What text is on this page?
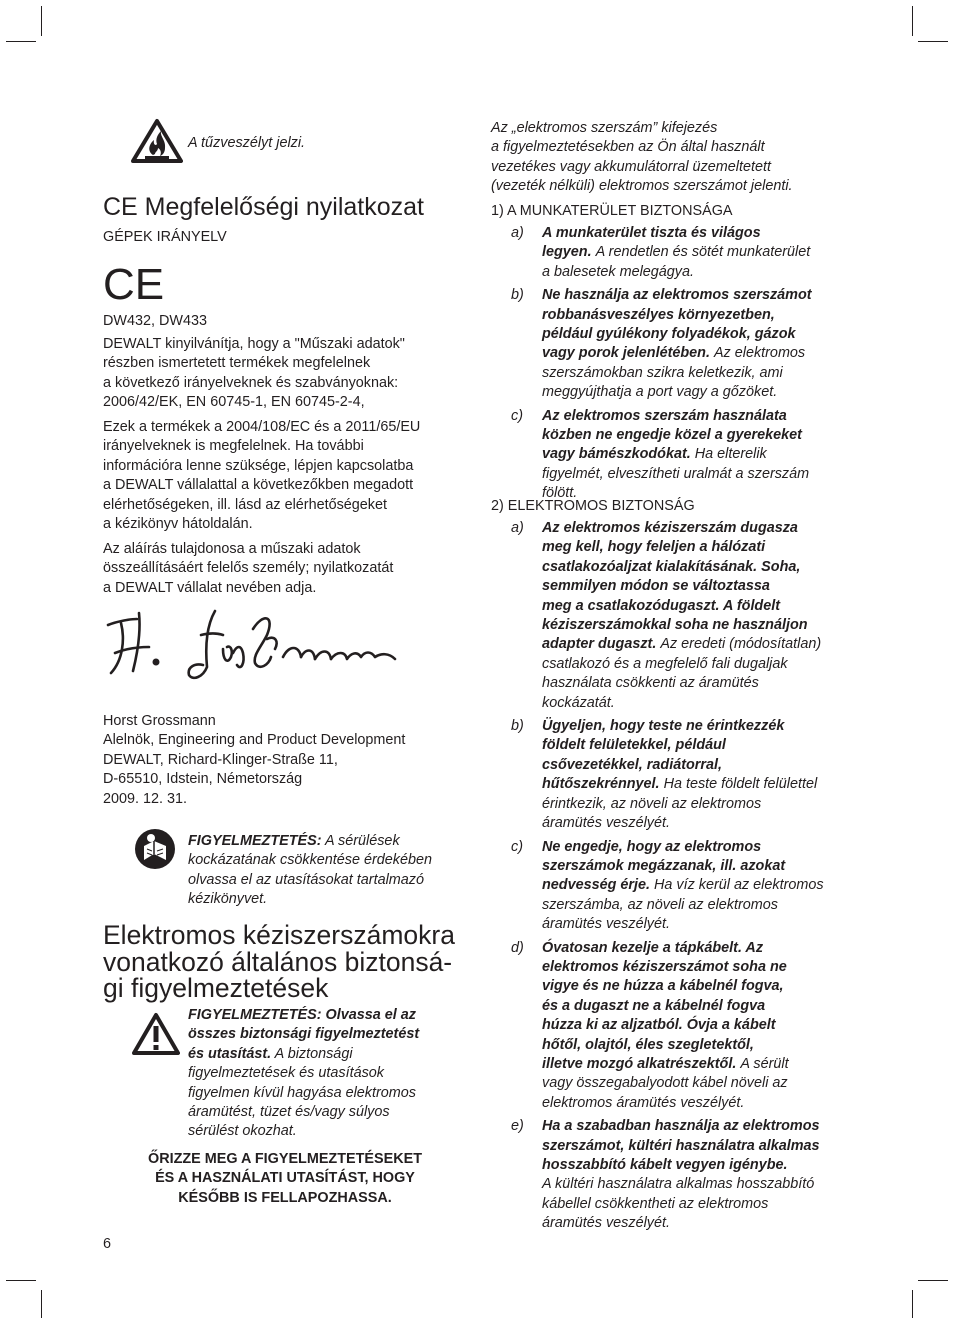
A tűzveszélyt jelzi.
CE Megfelelőségi nyilatkozat
GÉPEK IRÁNYELV
CE
DW432, DW433
DEWALT kinyilvánítja, hogy a "Műszaki adatok"
részben ismertetett termékek megfelelnek
a következő irányelveknek és szabványoknak:
2006/42/EK, EN 60745-1, EN 60745-2-4,
Ezek a termékek a 2004/108/EC és a 2011/65/EU
irányelveknek is megfelelnek. Ha további
információra lenne szüksége, lépjen kapcsolatba
a DEWALT vállalattal a következőkben megadott
elérhetőségeken, ill. lásd az elérhetőségeket
a kézikönyv hátoldalán.
Az aláírás tulajdonosa a műszaki adatok
összeállításáért felelős személy; nyilatkozatát
a DEWALT vállalat nevében adja.
Horst Grossmann
Alelnök, Engineering and Product Development
DEWALT, Richard-Klinger-Straße 11,
D-65510, Idstein, Németország
2009. 12. 31.
FIGYELMEZTETÉS: A sérülések
kockázatának csökkentése érdekében
olvassa el az utasításokat tartalmazó
kézikönyvet.
Elektromos kéziszerszámokra
vonatkozó általános biztonsá-
gi figyelmeztetések
FIGYELMEZTETÉS: Olvassa el az
összes biztonsági figyelmeztetést
és utasítást. A biztonsági
figyelmeztetések és utasítások
figyelmen kívül hagyása elektromos
áramütést, tüzet és/vagy súlyos
sérülést okozhat.
ŐRIZZE MEG A FIGYELMEZTETÉSEKET
ÉS A HASZNÁLATI UTASÍTÁST, HOGY
KÉSŐBB IS FELLAPOZHASSA.
6
Az „elektromos szerszám” kifejezés
a figyelmeztetésekben az Ön által használt
vezetékes vagy akkumulátorral üzemeltetett
(vezeték nélküli) elektromos szerszámot jelenti.
1) A MUNKATERÜLET BIZTONSÁGA
a) A munkaterület tiszta és világos
legyen. A rendetlen és sötét munkaterület
a balesetek melegágya.
b) Ne használja az elektromos szerszámot
robbanásveszélyes környezetben,
például gyúlékony folyadékok, gázok
vagy porok jelenlétében. Az elektromos
szerszámokban szikra keletkezik, ami
meggyújthatja a port vagy a gőzöket.
c) Az elektromos szerszám használata
közben ne engedje közel a gyerekeket
vagy bámészkodókat. Ha elterelik
figyelmét, elveszítheti uralmát a szerszám
fölött.
2) ELEKTROMOS BIZTONSÁG
a) Az elektromos kéziszerszám dugasza
meg kell, hogy feleljen a hálózati
csatlakozóaljzat kialakításának. Soha,
semmilyen módon se változtassa
meg a csatlakozódugaszt. A földelt
kéziszerszámokkal soha ne használjon
adapter dugaszt. Az eredeti (módosítatlan)
csatlakozó és a megfelelő fali dugaljak
használata csökkenti az áramütés
kockázatát.
b) Ügyeljen, hogy teste ne érintkezzék
földelt felületekkel, például
csővezetékkel, radiátorral,
hűtőszekrénnyel. Ha teste földelt felülettel
érintkezik, az növeli az elektromos
áramütés veszélyét.
c) Ne engedje, hogy az elektromos
szerszámok megázzanak, ill. azokat
nedvesség érje. Ha víz kerül az elektromos
szerszámba, az növeli az elektromos
áramütés veszélyét.
d) Óvatosan kezelje a tápkábelt. Az
elektromos kéziszerszámot soha ne
vigye és ne húzza a kábelnél fogva,
és a dugaszt ne a kábelnél fogva
húzza ki az aljzatból. Óvja a kábelt
hőtől, olajtól, éles szegletektől,
illetve mozgó alkatrészektől. A sérült
vagy összegabalyodott kábel növeli az
elektromos áramütés veszélyét.
e) Ha a szabadban használja az elektromos
szerszámot, kültéri használatra alkalmas
hosszabbító kábelt vegyen igénybe.
A kültéri használatra alkalmas hosszabbító
kábellel csökkentheti az elektromos
áramütés veszélyét.
